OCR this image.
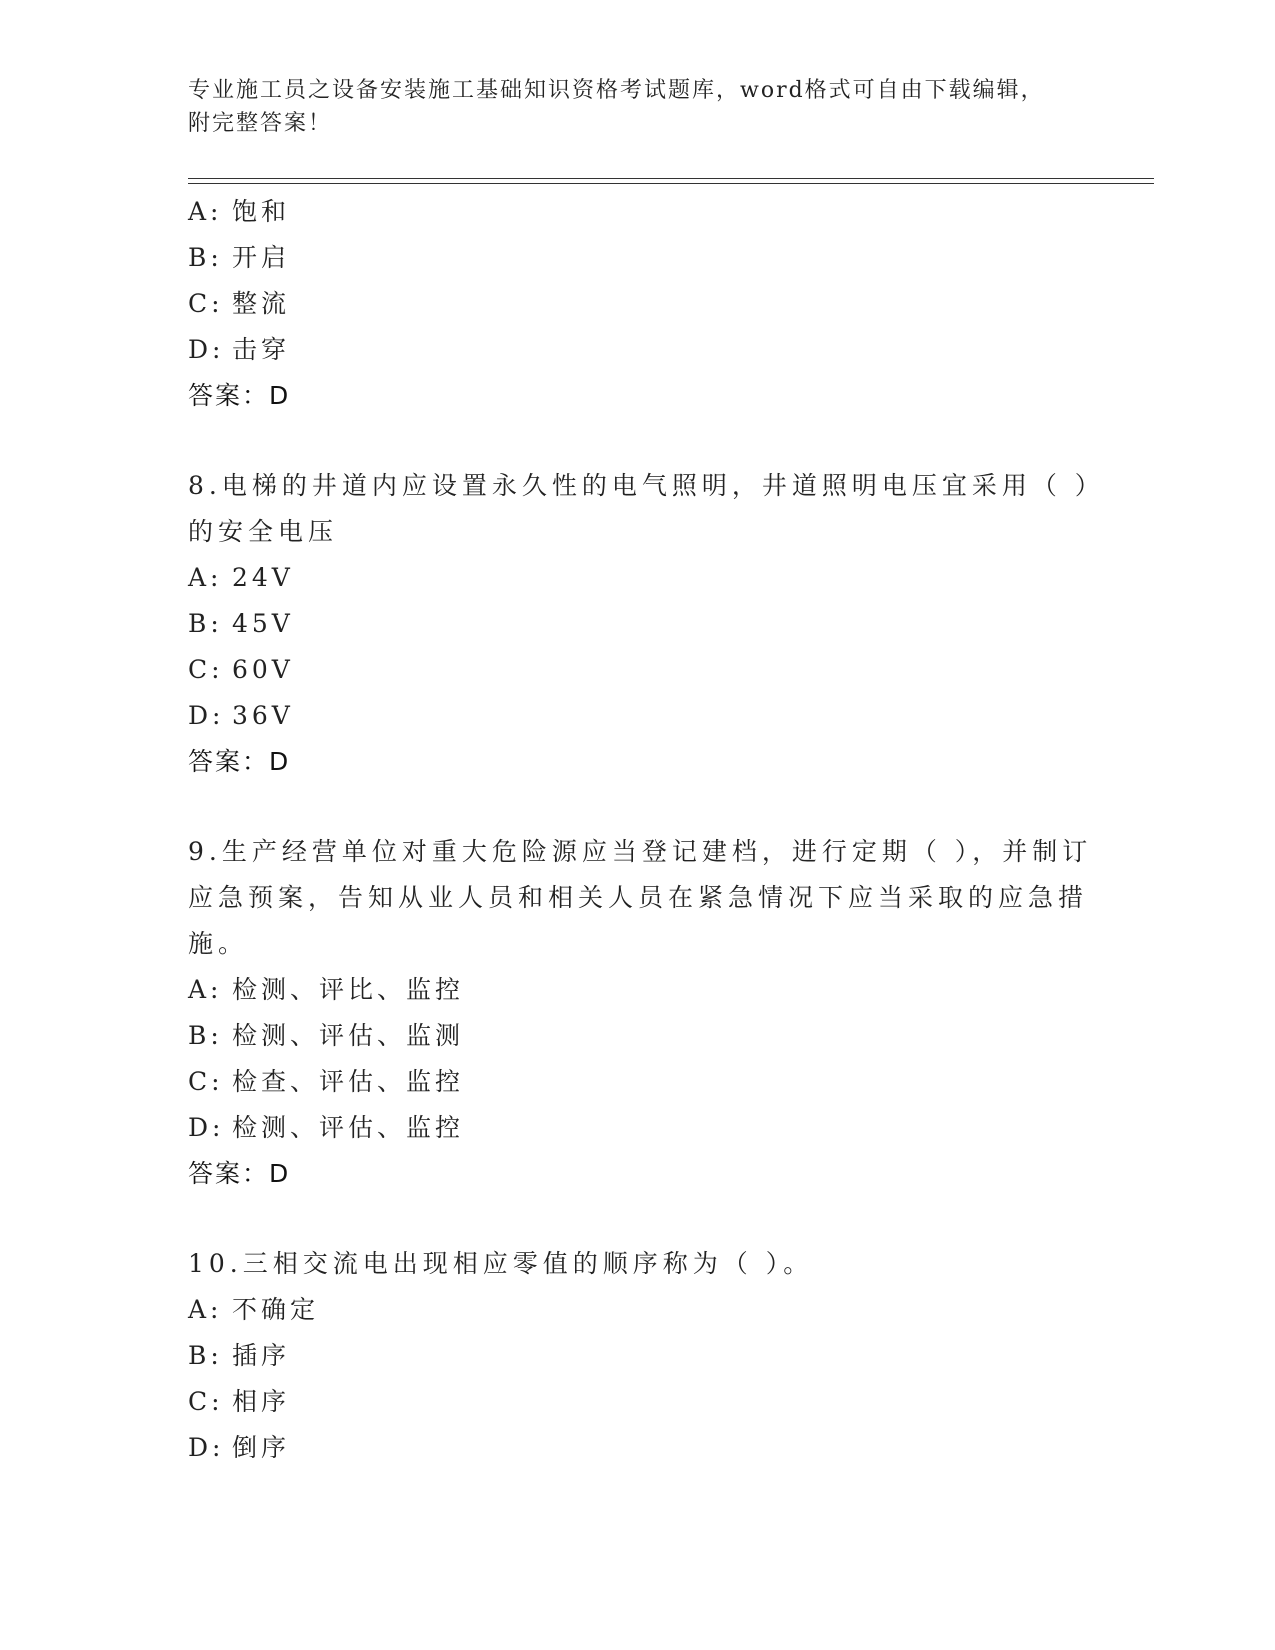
专业施工员之设备安装施工基础知识资格考试题库，word格式可自由下载编辑，
附完整答案！
A: 饱和
B: 开启
C: 整流
D: 击穿
答案：D
8.电梯的井道内应设置永久性的电气照明，井道照明电压宜采用（ ）
的安全电压
A: 24V
B: 45V
C: 60V
D: 36V
答案：D
9.生产经营单位对重大危险源应当登记建档，进行定期（ ），并制订
应急预案，告知从业人员和相关人员在紧急情况下应当采取的应急措
施。
A: 检测、评比、监控
B: 检测、评估、监测
C: 检查、评估、监控
D: 检测、评估、监控
答案：D
10.三相交流电出现相应零值的顺序称为（ ）。
A: 不确定
B: 插序
C: 相序
D: 倒序
